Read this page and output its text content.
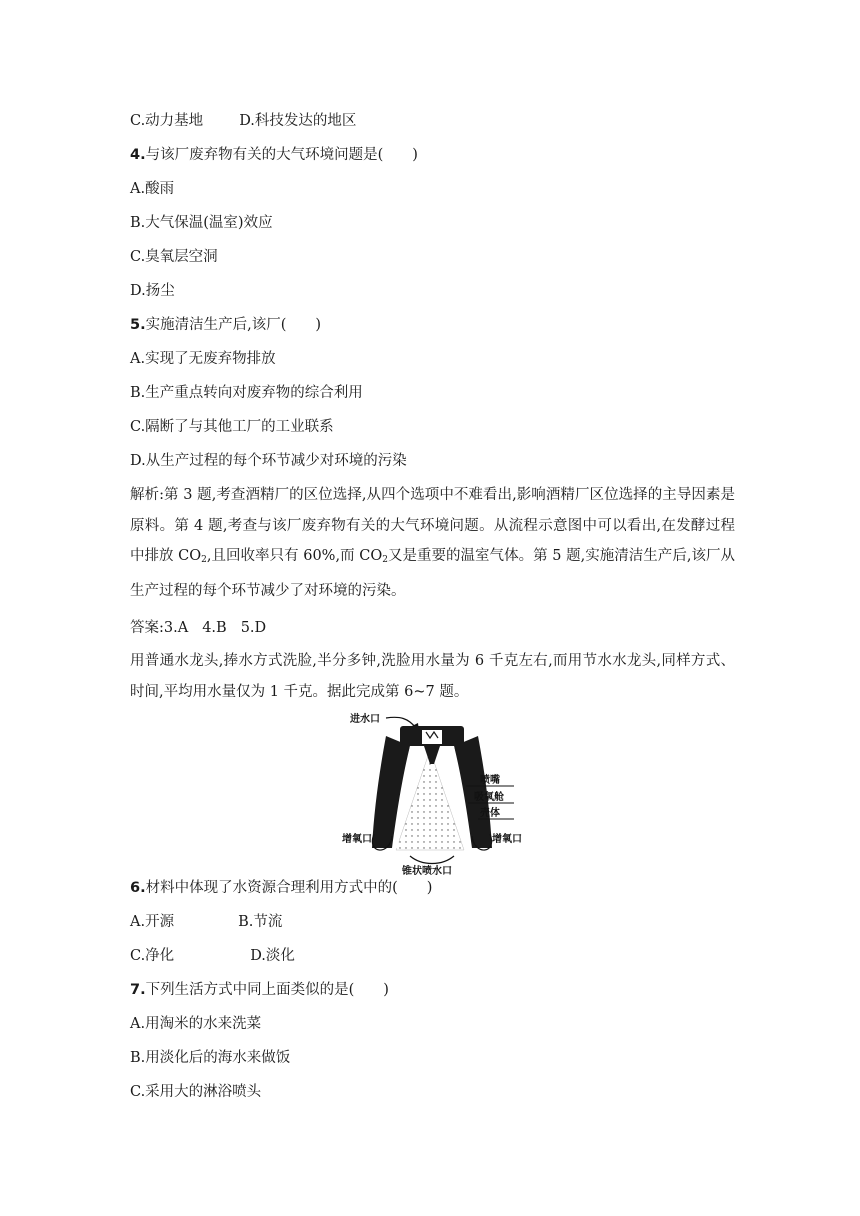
C.动力基地 D.科技发达的地区
4.与该厂废弃物有关的大气环境问题是(　　)
A.酸雨
B.大气保温(温室)效应
C.臭氧层空洞
D.扬尘
5.实施清洁生产后,该厂(　　)
A.实现了无废弃物排放
B.生产重点转向对废弃物的综合利用
C.隔断了与其他工厂的工业联系
D.从生产过程的每个环节减少对环境的污染
解析:第 3 题,考查酒精厂的区位选择,从四个选项中不难看出,影响酒精厂区位选择的主导因素是原料。第 4 题,考查与该厂废弃物有关的大气环境问题。从流程示意图中可以看出,在发酵过程中排放 $CO_2$,且回收率只有 60%,而 $CO_2$又是重要的温室气体。第 5 题,实施清洁生产后,该厂从生产过程的每个环节减少了对环境的污染。
答案:3.A 4.B 5.D
用普通水龙头,捧水方式洗脸,半分多钟,洗脸用水量为 6 千克左右,而用节水水龙头,同样方式、时间,平均用水量仅为 1 千克。据此完成第 6~7 题。
进水口
喷嘴
吸氧舱
壳体
增氧口	增氧口
锥状喷水口
6.材料中体现了水资源合理利用方式中的(　　)
A.开源	B.节流
C.净化	D.淡化
7.下列生活方式中同上面类似的是(　　)
A.用淘米的水来洗菜
B.用淡化后的海水来做饭
C.采用大的淋浴喷头
